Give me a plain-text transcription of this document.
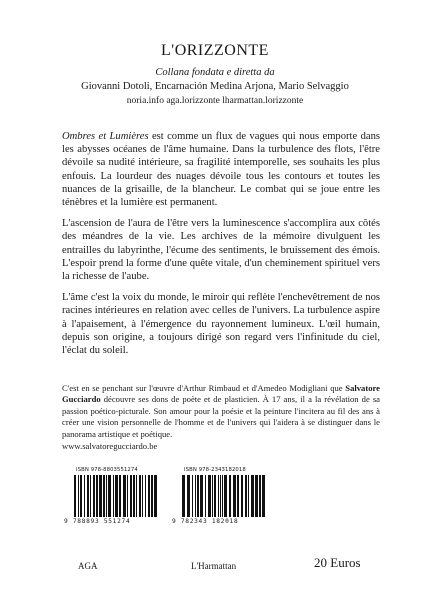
L'ORIZZONTE
Collana fondata e diretta da
Giovanni Dotoli, Encarnación Medina Arjona, Mario Selvaggio
noria.info aga.lorizzonte lharmattan.lorizzonte

Ombres et Lumières est comme un flux de vagues qui nous emporte dans les abysses océanes de l'âme humaine. Dans la turbulence des flots, l'être dévoile sa nudité intérieure, sa fragilité intemporelle, ses souhaits les plus enfouis. La lourdeur des nuages dévoile tous les contours et toutes les nuances de la grisaille, de la blancheur. Le combat qui se joue entre les ténèbres et la lumière est permanent.

L'ascension de l'aura de l'être vers la luminescence s'accomplira aux côtés des méandres de la vie. Les archives de la mémoire divulguent les entrailles du labyrinthe, l'écume des sentiments, le bruissement des émois. L'espoir prend la forme d'une quête vitale, d'un cheminement spirituel vers la richesse de l'aube.

L'âme c'est la voix du monde, le miroir qui reflète l'enchevêtrement de nos racines intérieures en relation avec celles de l'univers. La turbulence aspire à l'apaisement, à l'émergence du rayonnement lumineux. L'œil humain, depuis son origine, a toujours dirigé son regard vers l'infinitude du ciel, l'éclat du soleil.

C'est en se penchant sur l'œuvre d'Arthur Rimbaud et d'Amedeo Modigliani que Salvatore Gucciardo découvre ses dons de poète et de plasticien. À 17 ans, il a la révélation de sa passion poético-picturale. Son amour pour la poésie et la peinture l'incitera au fil des ans à créer une vision personnelle de l'homme et de l'univers qui l'aidera à se distinguer dans le panorama artistique et poétique.

www.salvatoregucciardo.be

ISBN 978-8803551274
9 788893 551274
ISBN 978-2343182018
9 782343 182018
AGA	L'Harmattan	20 Euros
